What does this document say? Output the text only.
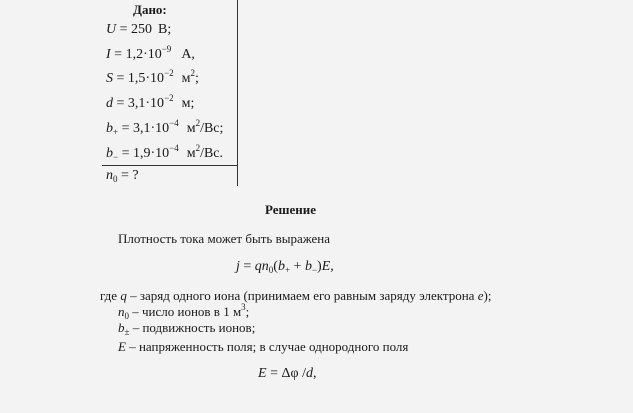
Дано:
U = 250 В;
$I = 1,2\cdot 10^{-9}$ А,
$S = 1,5\cdot 10^{-2}$ $м^2$;
$d = 3,1\cdot 10^{-2}$ м;
$b_+ = 3,1\cdot 10^{-4}$ $м^2/Вс$;
$b_- = 1,9\cdot 10^{-4}$ $м^2/Вс$.
$n_0$ = ?
Решение
Плотность тока может быть выражена
$j = qn_0(b_+ + b_-)E$,
где q – заряд одного иона (принимаем его равным заряду электрона e);
$n_0$ – число ионов в 1 $м^3$;
$b_\pm$ – подвижность ионов;
E – напряженность поля; в случае однородного поля
E = Δφ /d,
